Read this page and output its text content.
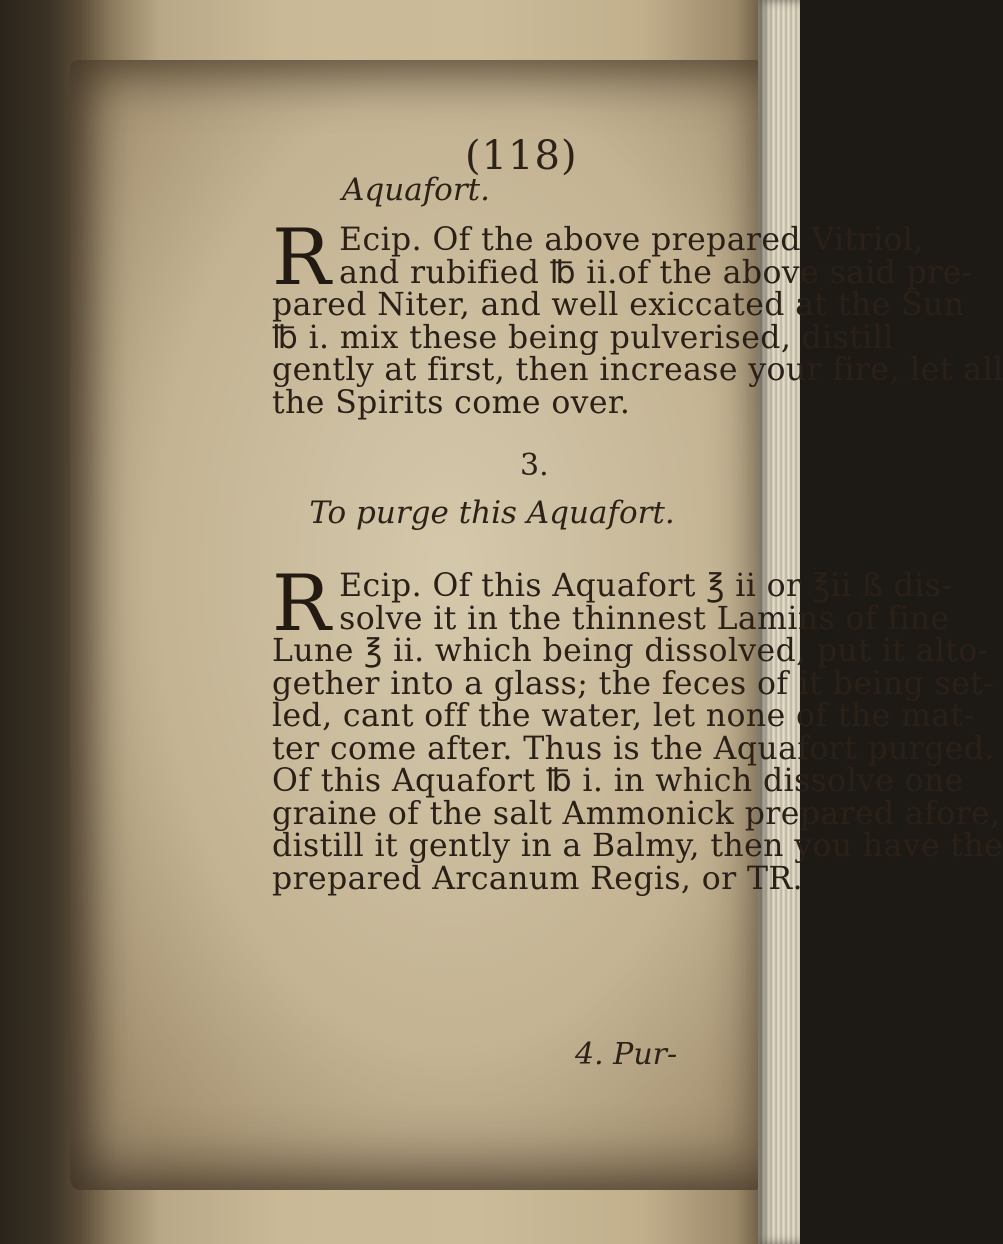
(118)
Aquafort.
R Ecip. Of the above prepared Vitriol,
and rubified ℔ ii.of the above said pre-
pared Niter, and well exiccated at the Sun
℔ i. mix these being pulverised, distill
gently at first, then increase your fire, let all
the Spirits come over.
3.
To purge this Aquafort.
R Ecip. Of this Aquafort ℥ ii or ℥ii ß dis-
solve it in the thinnest Lamins of fine
Lune ℥ ii. which being dissolved, put it alto-
gether into a glass; the feces of it being set-
led, cant off the water, let none of the mat-
ter come after. Thus is the Aquafort purged.
Of this Aquafort ℔ i. in which dissolve one
graine of the salt Ammonick prepared afore,
distill it gently in a Balmy, then you have the
prepared Arcanum Regis, or TR.
4. Pur-
